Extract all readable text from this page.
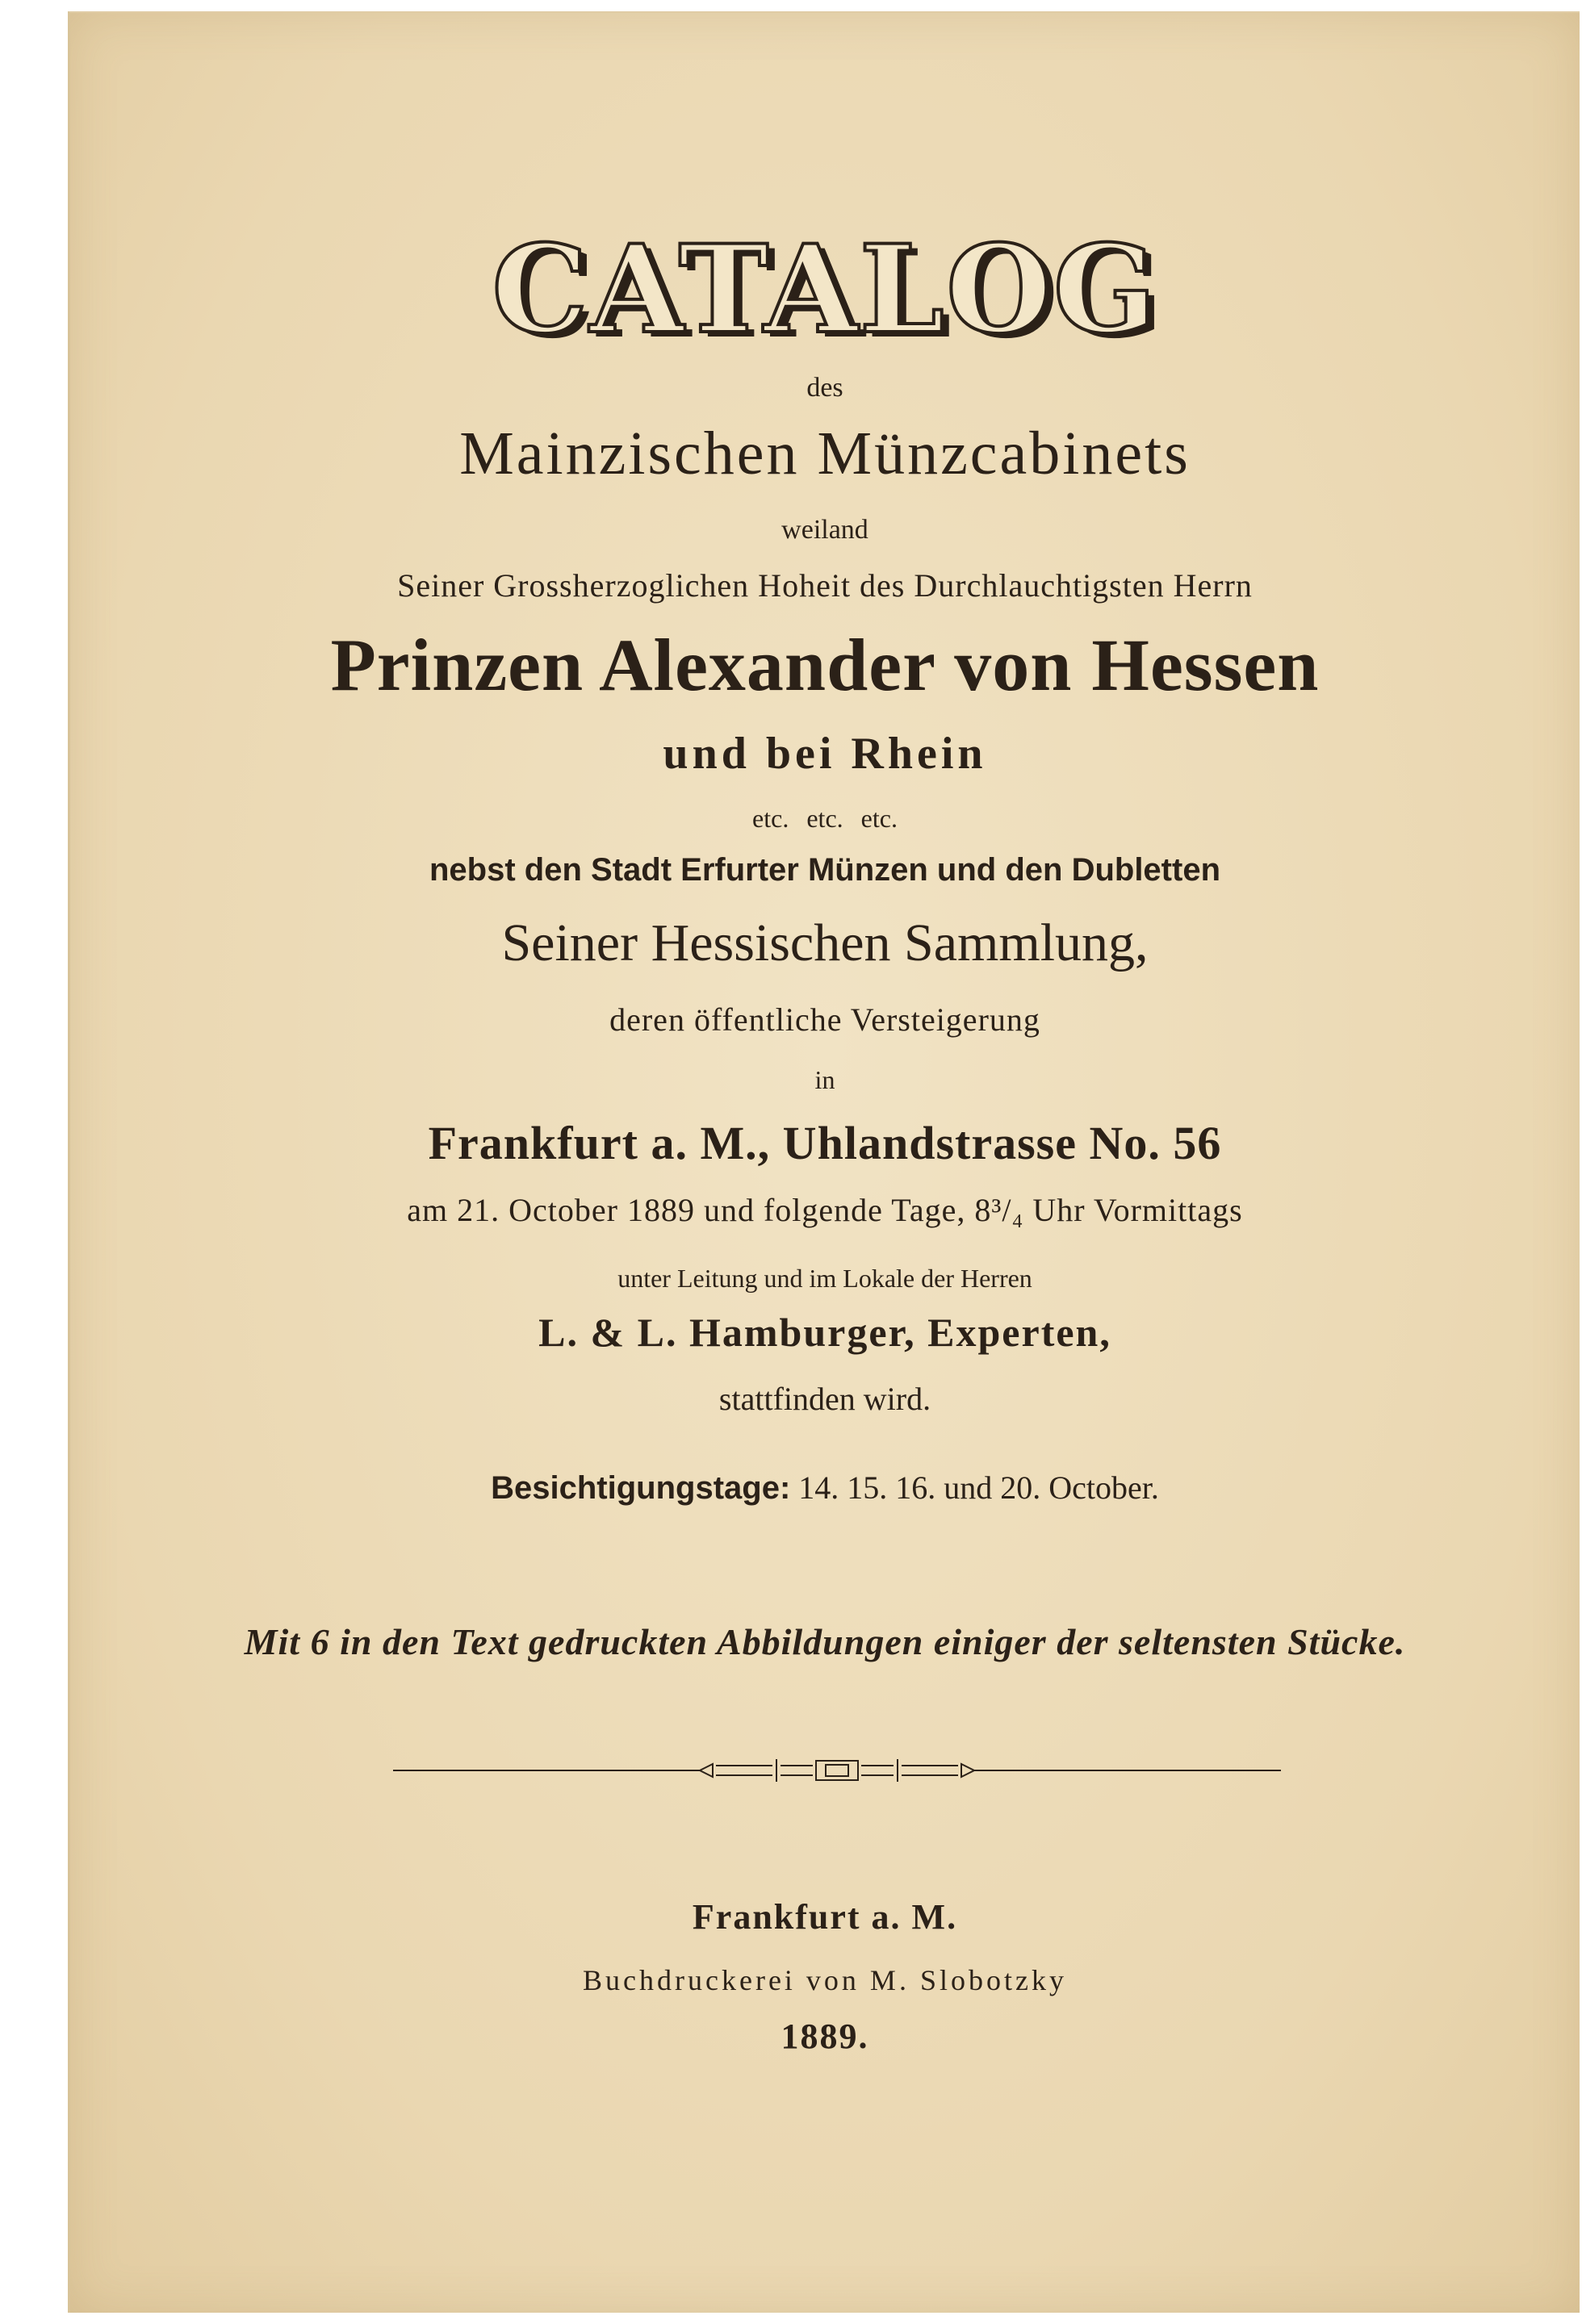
CATALOG
des
Mainzischen Münzcabinets
weiland
Seiner Grossherzoglichen Hoheit des Durchlauchtigsten Herrn
Prinzen Alexander von Hessen
und bei Rhein
etc. etc. etc.
nebst den Stadt Erfurter Münzen und den Dubletten
Seiner Hessischen Sammlung,
deren öffentliche Versteigerung
in
Frankfurt a. M., Uhlandstrasse No. 56
am 21. October 1889 und folgende Tage, 8³/₄ Uhr Vormittags
unter Leitung und im Lokale der Herren
L. & L. Hamburger, Experten,
stattfinden wird.
Besichtigungstage: 14. 15. 16. und 20. October.
Mit 6 in den Text gedruckten Abbildungen einiger der seltensten Stücke.
Frankfurt a. M.
Buchdruckerei von M. Slobotzky
1889.
